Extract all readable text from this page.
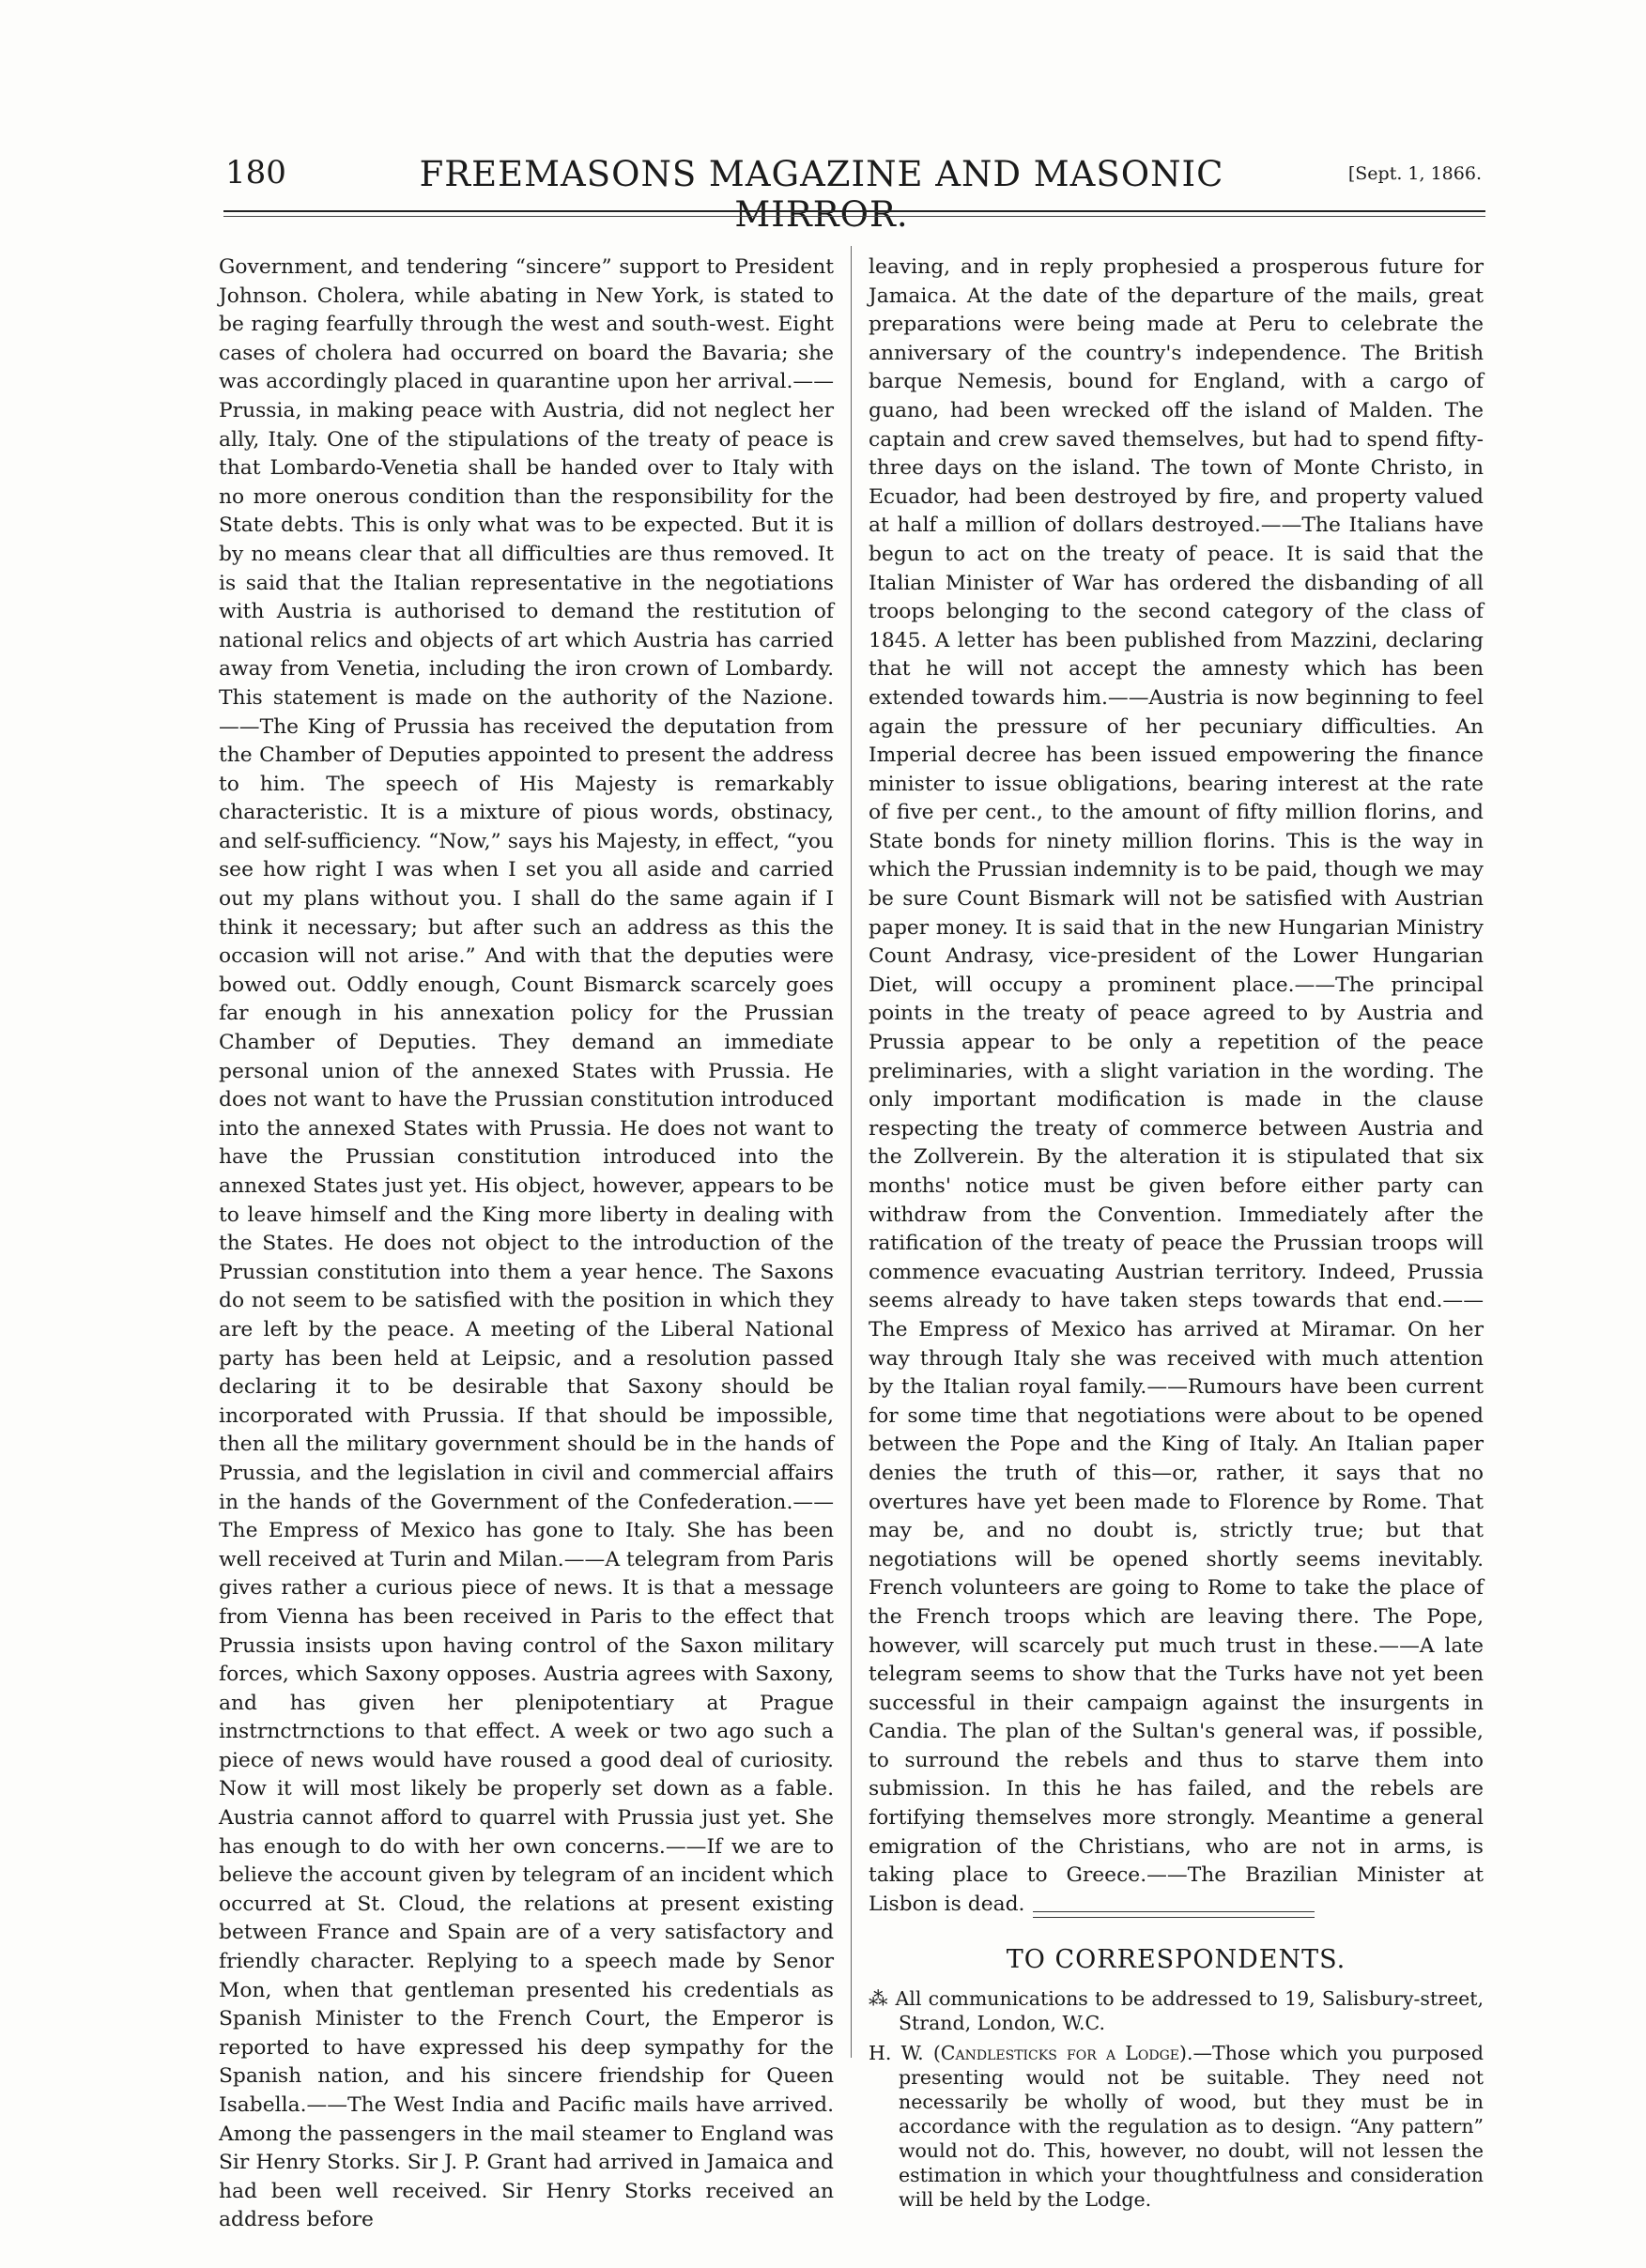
180	FREEMASONS MAGAZINE AND MASONIC MIRROR.
[Sept. 1, 1866.

Government, and tendering “sincere” support to President Johnson. Cholera, while abating in New York, is stated to be raging fearfully through the west and south-west. Eight cases of cholera had occurred on board the Bavaria; she was accordingly placed in quarantine upon her arrival.——Prussia, in making peace with Austria, did not neglect her ally, Italy. One of the stipulations of the treaty of peace is that Lombardo-Venetia shall be handed over to Italy with no more onerous condition than the responsibility for the State debts. This is only what was to be expected. But it is by no means clear that all difficulties are thus removed. It is said that the Italian representative in the negotiations with Austria is authorised to demand the restitution of national relics and objects of art which Austria has carried away from Venetia, including the iron crown of Lombardy. This statement is made on the authority of the Nazione.——The King of Prussia has received the deputation from the Chamber of Deputies appointed to present the address to him. The speech of His Majesty is remarkably characteristic. It is a mixture of pious words, obstinacy, and self-sufficiency. “Now,” says his Majesty, in effect, “you see how right I was when I set you all aside and carried out my plans without you. I shall do the same again if I think it necessary; but after such an address as this the occasion will not arise.” And with that the deputies were bowed out. Oddly enough, Count Bismarck scarcely goes far enough in his annexation policy for the Prussian Chamber of Deputies. They demand an immediate personal union of the annexed States with Prussia. He does not want to have the Prussian constitution introduced into the annexed States with Prussia. He does not want to have the Prussian constitution introduced into the annexed States just yet. His object, however, appears to be to leave himself and the King more liberty in dealing with the States. He does not object to the introduction of the Prussian constitution into them a year hence. The Saxons do not seem to be satisfied with the position in which they are left by the peace. A meeting of the Liberal National party has been held at Leipsic, and a resolution passed declaring it to be desirable that Saxony should be incorporated with Prussia. If that should be impossible, then all the military government should be in the hands of Prussia, and the legislation in civil and commercial affairs in the hands of the Government of the Confederation.——The Empress of Mexico has gone to Italy. She has been well received at Turin and Milan.——A telegram from Paris gives rather a curious piece of news. It is that a message from Vienna has been received in Paris to the effect that Prussia insists upon having control of the Saxon military forces, which Saxony opposes. Austria agrees with Saxony, and has given her plenipotentiary at Prague instrnctrnctions to that effect. A week or two ago such a piece of news would have roused a good deal of curiosity. Now it will most likely be properly set down as a fable. Austria cannot afford to quarrel with Prussia just yet. She has enough to do with her own concerns.——If we are to believe the account given by telegram of an incident which occurred at St. Cloud, the relations at present existing between France and Spain are of a very satisfactory and friendly character. Replying to a speech made by Senor Mon, when that gentleman presented his credentials as Spanish Minister to the French Court, the Emperor is reported to have expressed his deep sympathy for the Spanish nation, and his sincere friendship for Queen Isabella.——The West India and Pacific mails have arrived. Among the passengers in the mail steamer to England was Sir Henry Storks. Sir J. P. Grant had arrived in Jamaica and had been well received. Sir Henry Storks received an address before

leaving, and in reply prophesied a prosperous future for Jamaica. At the date of the departure of the mails, great preparations were being made at Peru to celebrate the anniversary of the country's independence. The British barque Nemesis, bound for England, with a cargo of guano, had been wrecked off the island of Malden. The captain and crew saved themselves, but had to spend fifty-three days on the island. The town of Monte Christo, in Ecuador, had been destroyed by fire, and property valued at half a million of dollars destroyed.——The Italians have begun to act on the treaty of peace. It is said that the Italian Minister of War has ordered the disbanding of all troops belonging to the second category of the class of 1845. A letter has been published from Mazzini, declaring that he will not accept the amnesty which has been extended towards him.——Austria is now beginning to feel again the pressure of her pecuniary difficulties. An Imperial decree has been issued empowering the finance minister to issue obligations, bearing interest at the rate of five per cent., to the amount of fifty million florins, and State bonds for ninety million florins. This is the way in which the Prussian indemnity is to be paid, though we may be sure Count Bismark will not be satisfied with Austrian paper money. It is said that in the new Hungarian Ministry Count Andrasy, vice-president of the Lower Hungarian Diet, will occupy a prominent place.——The principal points in the treaty of peace agreed to by Austria and Prussia appear to be only a repetition of the peace preliminaries, with a slight variation in the wording. The only important modification is made in the clause respecting the treaty of commerce between Austria and the Zollverein. By the alteration it is stipulated that six months' notice must be given before either party can withdraw from the Convention. Immediately after the ratification of the treaty of peace the Prussian troops will commence evacuating Austrian territory. Indeed, Prussia seems already to have taken steps towards that end.——The Empress of Mexico has arrived at Miramar. On her way through Italy she was received with much attention by the Italian royal family.——Rumours have been current for some time that negotiations were about to be opened between the Pope and the King of Italy. An Italian paper denies the truth of this—or, rather, it says that no overtures have yet been made to Florence by Rome. That may be, and no doubt is, strictly true; but that negotiations will be opened shortly seems inevitably. French volunteers are going to Rome to take the place of the French troops which are leaving there. The Pope, however, will scarcely put much trust in these.——A late telegram seems to show that the Turks have not yet been successful in their campaign against the insurgents in Candia. The plan of the Sultan's general was, if possible, to surround the rebels and thus to starve them into submission. In this he has failed, and the rebels are fortifying themselves more strongly. Meantime a general emigration of the Christians, who are not in arms, is taking place to Greece.——The Brazilian Minister at Lisbon is dead.

TO CORRESPONDENTS.
⁂ All communications to be addressed to 19, Salisbury-street, Strand, London, W.C.
H. W. (Candlesticks for a Lodge).—Those which you purposed presenting would not be suitable. They need not necessarily be wholly of wood, but they must be in accordance with the regulation as to design. “Any pattern” would not do. This, however, no doubt, will not lessen the estimation in which your thoughtfulness and consideration will be held by the Lodge.
